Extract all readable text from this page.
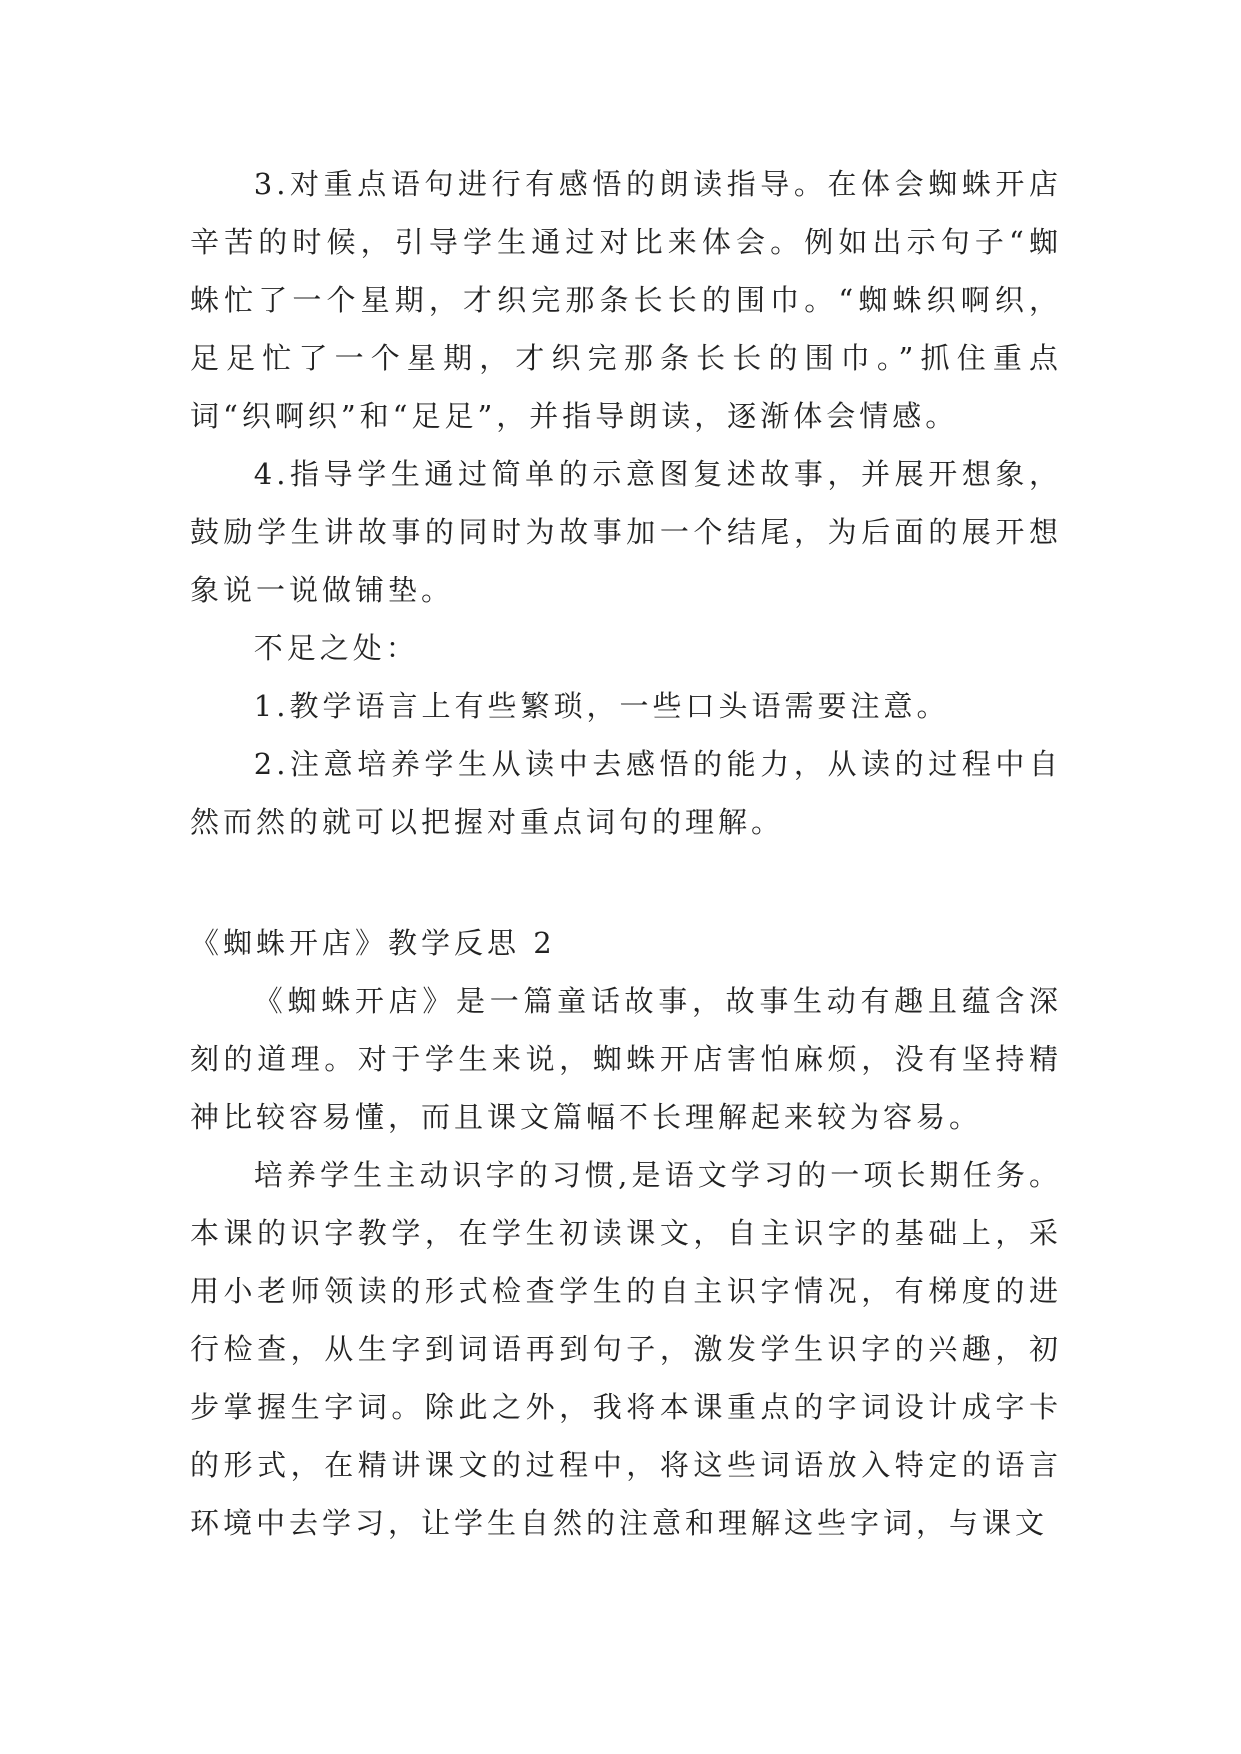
3.对重点语句进行有感悟的朗读指导。在体会蜘蛛开店辛苦的时候，引导学生通过对比来体会。例如出示句子“蜘蛛忙了一个星期，才织完那条长长的围巾。“蜘蛛织啊织，足足忙了一个星期，才织完那条长长的围巾。”抓住重点词“织啊织”和“足足”，并指导朗读，逐渐体会情感。

4.指导学生通过简单的示意图复述故事，并展开想象，鼓励学生讲故事的同时为故事加一个结尾，为后面的展开想象说一说做铺垫。

不足之处：

1.教学语言上有些繁琐，一些口头语需要注意。

2.注意培养学生从读中去感悟的能力，从读的过程中自然而然的就可以把握对重点词句的理解。

《蜘蛛开店》教学反思 2

《蜘蛛开店》是一篇童话故事，故事生动有趣且蕴含深刻的道理。对于学生来说，蜘蛛开店害怕麻烦，没有坚持精神比较容易懂，而且课文篇幅不长理解起来较为容易。

培养学生主动识字的习惯,是语文学习的一项长期任务。本课的识字教学，在学生初读课文，自主识字的基础上，采用小老师领读的形式检查学生的自主识字情况，有梯度的进行检查，从生字到词语再到句子，激发学生识字的兴趣，初步掌握生字词。除此之外，我将本课重点的字词设计成字卡的形式，在精讲课文的过程中，将这些词语放入特定的语言环境中去学习，让学生自然的注意和理解这些字词，与课文
